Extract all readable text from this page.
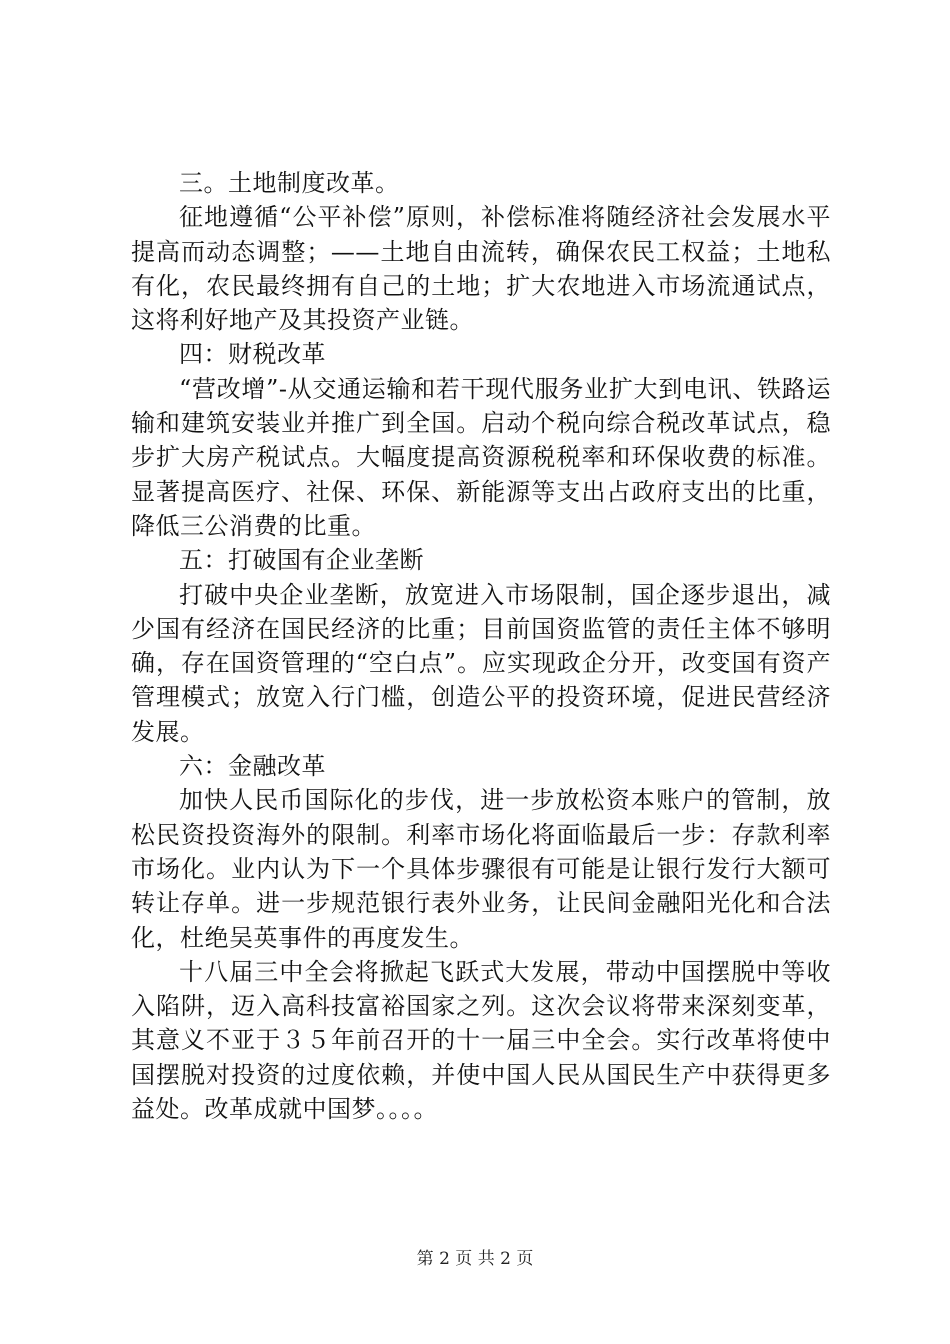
三。土地制度改革。

征地遵循“公平补偿”原则，补偿标准将随经济社会发展水平提高而动态调整；——土地自由流转，确保农民工权益；土地私有化，农民最终拥有自己的土地；扩大农地进入市场流通试点，这将利好地产及其投资产业链。

四：财税改革

“营改增”-从交通运输和若干现代服务业扩大到电讯、铁路运输和建筑安装业并推广到全国。启动个税向综合税改革试点，稳步扩大房产税试点。大幅度提高资源税税率和环保收费的标准。显著提高医疗、社保、环保、新能源等支出占政府支出的比重，降低三公消费的比重。

五：打破国有企业垄断

打破中央企业垄断，放宽进入市场限制，国企逐步退出，减少国有经济在国民经济的比重；目前国资监管的责任主体不够明确，存在国资管理的“空白点”。应实现政企分开，改变国有资产管理模式；放宽入行门槛，创造公平的投资环境，促进民营经济发展。

六：金融改革

加快人民币国际化的步伐，进一步放松资本账户的管制，放松民资投资海外的限制。利率市场化将面临最后一步：存款利率市场化。业内认为下一个具体步骤很有可能是让银行发行大额可转让存单。进一步规范银行表外业务，让民间金融阳光化和合法化，杜绝吴英事件的再度发生。

十八届三中全会将掀起飞跃式大发展，带动中国摆脱中等收入陷阱，迈入高科技富裕国家之列。这次会议将带来深刻变革，其意义不亚于３５年前召开的十一届三中全会。实行改革将使中国摆脱对投资的过度依赖，并使中国人民从国民生产中获得更多益处。改革成就中国梦。。。。

第 2 页 共 2 页
